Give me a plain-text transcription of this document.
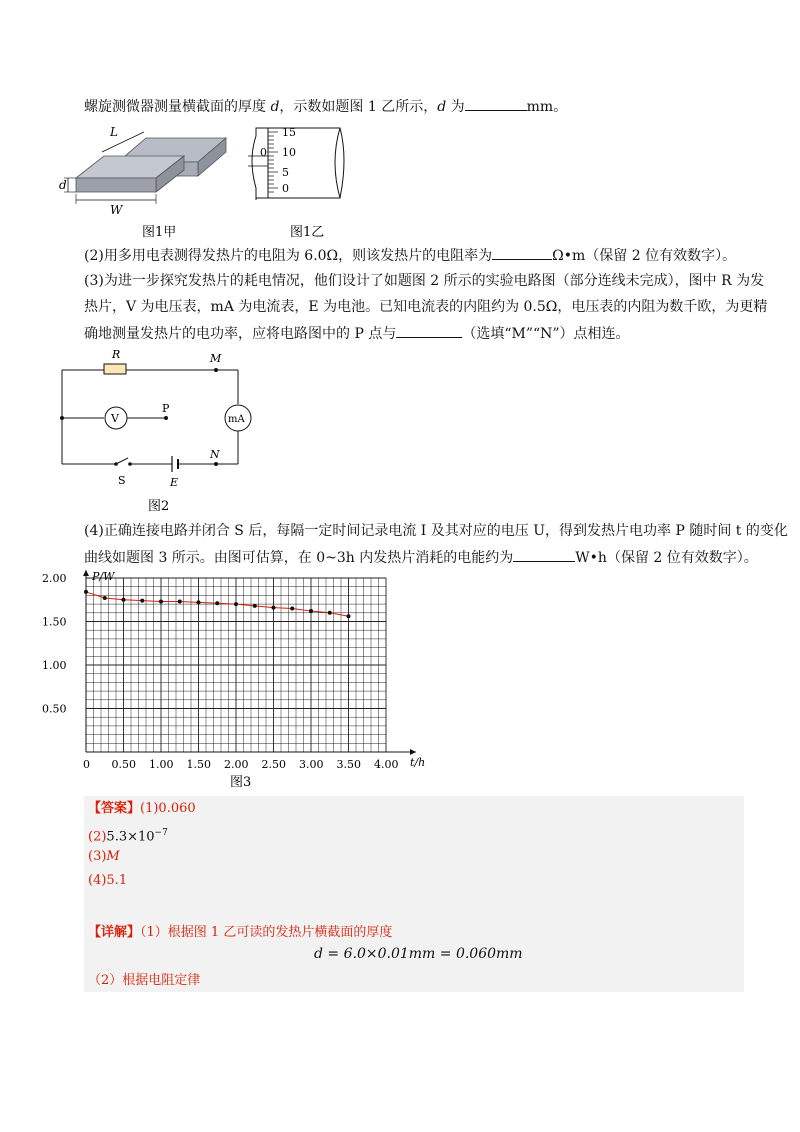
螺旋测微器测量横截面的厚度 d，示数如题图 1 乙所示，d 为	mm。
L
d
W
图1甲
0
15
10
5
0
图1乙
(2)用多用电表测得发热片的电阻为 6.0Ω，则该发热片的电阻率为	Ω•m（保留 2 位有效数字）。
(3)为进一步探究发热片的耗电情况，他们设计了如题图 2 所示的实验电路图（部分连线未完成），图中 R 为发
热片，V 为电压表，mA 为电流表，E 为电池。已知电流表的内阻约为 0.5Ω，电压表的内阻为数千欧，为更精
确地测量发热片的电功率，应将电路图中的 P 点与	（选填“M”“N”）点相连。
R	M
V
P
mA
S	E
N
图2
(4)正确连接电路并闭合 S 后，每隔一定时间记录电流 I 及其对应的电压 U，得到发热片电功率 P 随时间 t 的变化
曲线如题图 3 所示。由图可估算，在 0~3h 内发热片消耗的电能约为	W•h（保留 2 位有效数字）。
0 0.50 1.00 1.50 2.00 2.50 3.00 3.50 4.00
0.50
1.00
1.50
2.00 P/W
t/h
图3
【答案】(1)0.060
$(2)5.3\times 10^{-7}$
(3)M
(4)5.1
【详解】（1）根据图 1 乙可读的发热片横截面的厚度
d = 6.0×0.01mm = 0.060mm
（2）根据电阻定律
